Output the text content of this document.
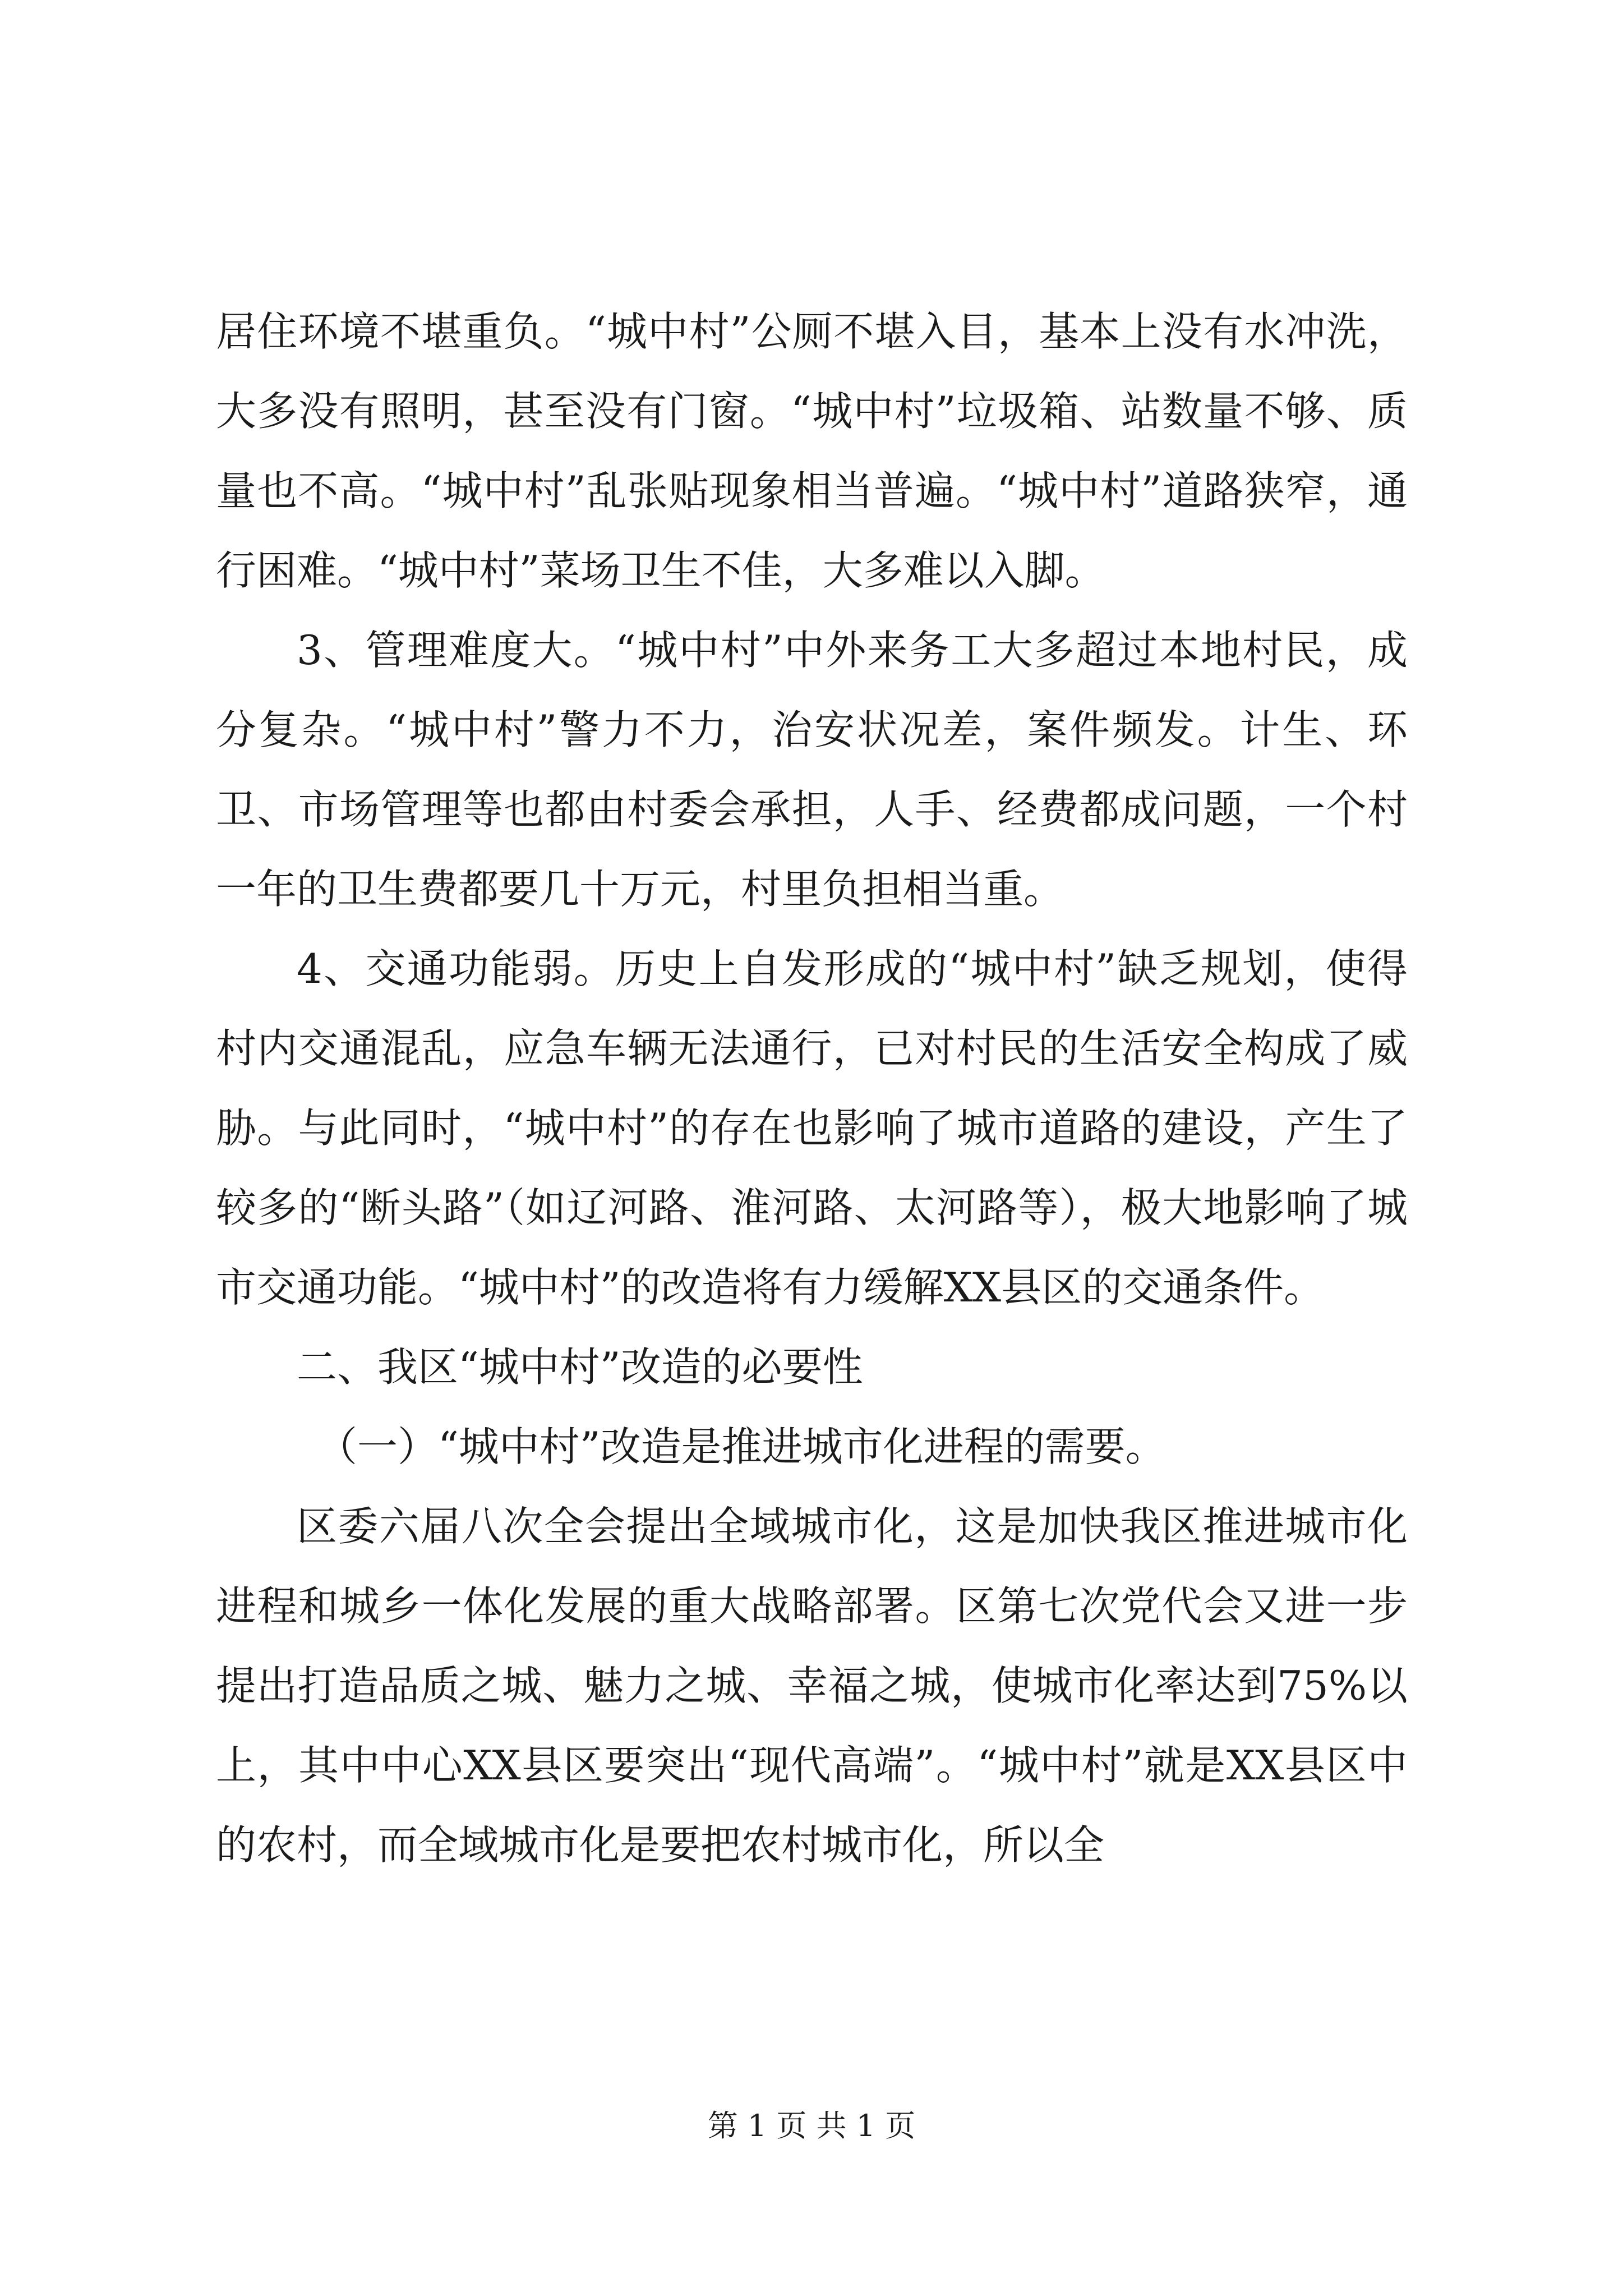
居住环境不堪重负。“城中村”公厕不堪入目，基本上没有水冲洗，大多没有照明，甚至没有门窗。“城中村”垃圾箱、站数量不够、质量也不高。“城中村”乱张贴现象相当普遍。“城中村”道路狭窄，通行困难。“城中村”菜场卫生不佳，大多难以入脚。

3、管理难度大。“城中村”中外来务工大多超过本地村民，成分复杂。“城中村”警力不力，治安状况差，案件频发。计生、环卫、市场管理等也都由村委会承担，人手、经费都成问题，一个村一年的卫生费都要几十万元，村里负担相当重。

4、交通功能弱。历史上自发形成的“城中村”缺乏规划，使得村内交通混乱，应急车辆无法通行，已对村民的生活安全构成了威胁。与此同时，“城中村”的存在也影响了城市道路的建设，产生了较多的“断头路”（如辽河路、淮河路、太河路等），极大地影响了城市交通功能。“城中村”的改造将有力缓解XX县区的交通条件。

二、我区“城中村”改造的必要性

（一）“城中村”改造是推进城市化进程的需要。

区委六届八次全会提出全域城市化，这是加快我区推进城市化进程和城乡一体化发展的重大战略部署。区第七次党代会又进一步提出打造品质之城、魅力之城、幸福之城，使城市化率达到75%以上，其中中心XX县区要突出“现代高端”。“城中村”就是XX县区中的农村，而全域城市化是要把农村城市化，所以全

第 1 页 共 1 页
